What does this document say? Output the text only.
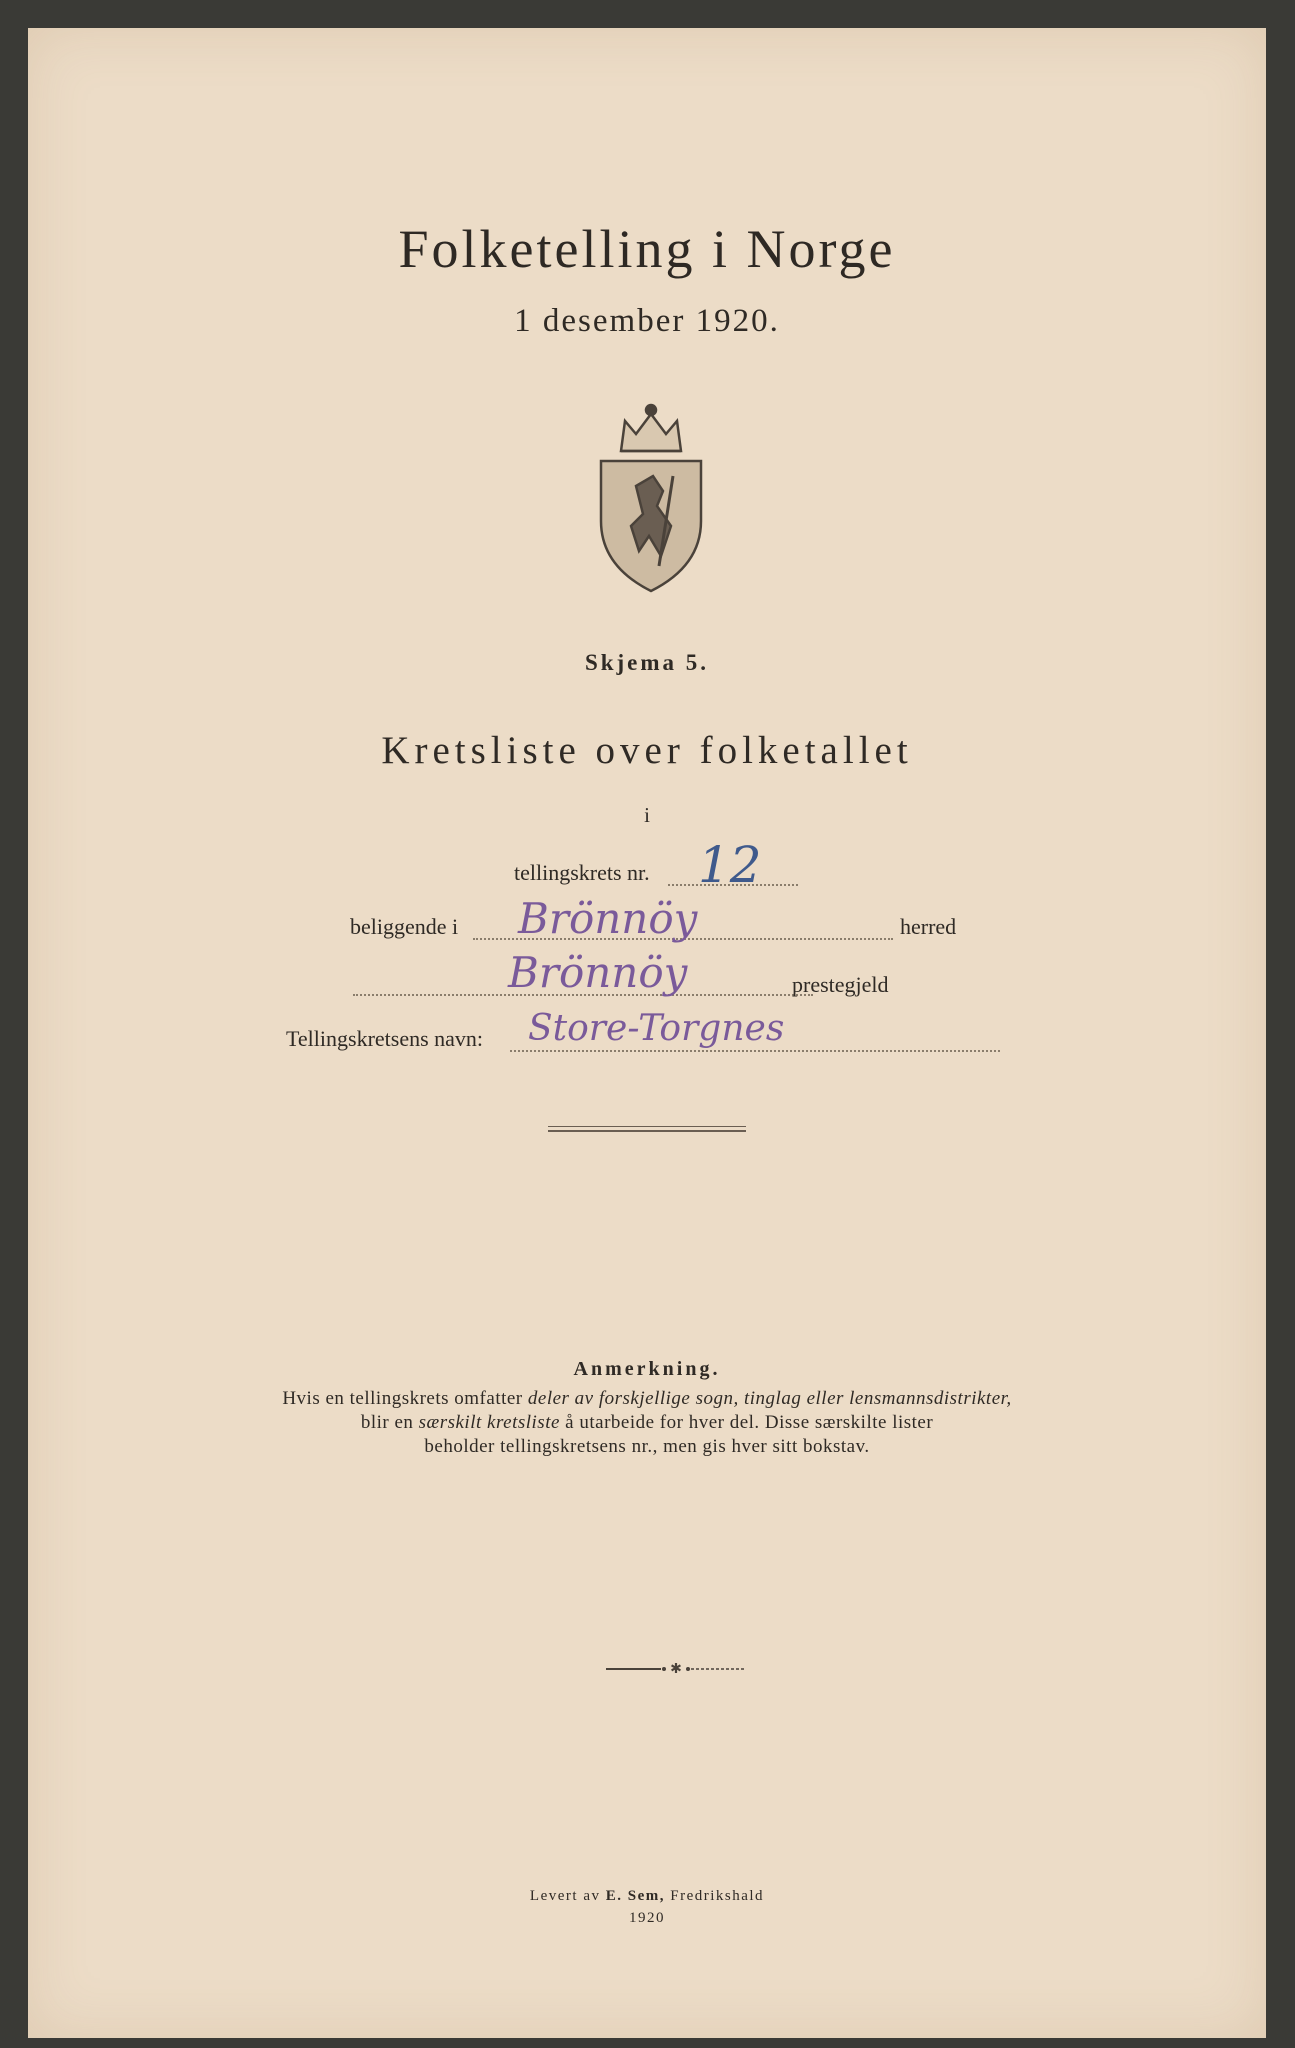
Folketelling i Norge
1 desember 1920.
Skjema 5.
Kretsliste over folketallet
i
tellingskrets nr. 12
beliggende i Brönnöy	herred
Brönnöy	prestegjeld
Tellingskretsens navn: Store-Torgnes
Anmerkning.
Hvis en tellingskrets omfatter deler av forskjellige sogn, tinglag eller lensmannsdistrikter,
blir en særskilt kretsliste å utarbeide for hver del. Disse særskilte lister
beholder tellingskretsens nr., men gis hver sitt bokstav.
✱
Levert av E. Sem, Fredrikshald
1920
